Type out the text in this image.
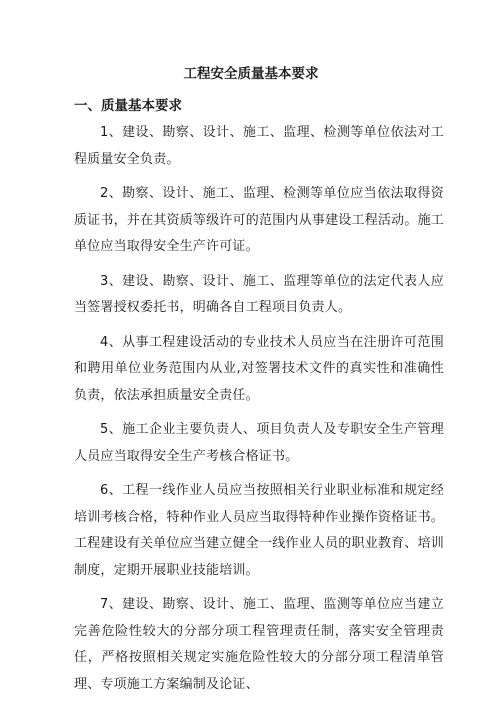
工程安全质量基本要求
一、质量基本要求

1、建设、勘察、设计、施工、监理、检测等单位依法对工程质量安全负责。

2、勘察、设计、施工、监理、检测等单位应当依法取得资质证书，并在其资质等级许可的范围内从事建设工程活动。施工单位应当取得安全生产许可证。

3、建设、勘察、设计、施工、监理等单位的法定代表人应当签署授权委托书，明确各自工程项目负责人。

4、从事工程建设活动的专业技术人员应当在注册许可范围和聘用单位业务范围内从业,对签署技术文件的真实性和准确性负责，依法承担质量安全责任。

5、施工企业主要负责人、项目负责人及专职安全生产管理人员应当取得安全生产考核合格证书。

6、工程一线作业人员应当按照相关行业职业标准和规定经培训考核合格，特种作业人员应当取得特种作业操作资格证书。工程建设有关单位应当建立健全一线作业人员的职业教育、培训制度，定期开展职业技能培训。

7、建设、勘察、设计、施工、监理、监测等单位应当建立完善危险性较大的分部分项工程管理责任制，落实安全管理责任，严格按照相关规定实施危险性较大的分部分项工程清单管理、专项施工方案编制及论证、
